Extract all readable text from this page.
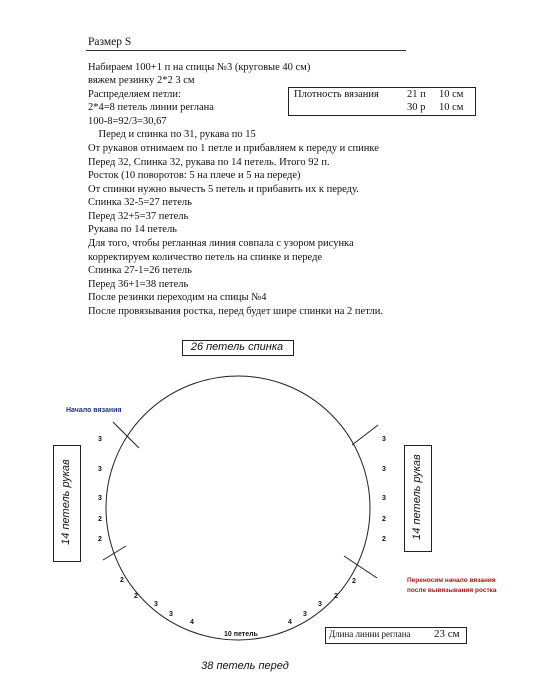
Размер S
Набираем 100+1 п на спицы №3 (круговые 40 см)
вяжем резинку 2*2 3 см
Распределяем петли:
2*4=8 петель линии реглана
100-8=92/3=30,67
Перед и спинка по 31, рукава по 15
От рукавов отнимаем по 1 петле и прибавляем к переду и спинке
Перед 32, Спинка 32, рукава по 14 петель. Итого 92 п.
Росток (10 поворотов: 5 на плече и 5 на переде)
От спинки нужно вычесть 5 петель и прибавить их к переду.
Спинка 32-5=27 петель
Перед 32+5=37 петель
Рукава по 14 петель
Для того, чтобы регланная линия совпала с узором рисунка
корректируем количество петель на спинке и переде
Спинка 27-1=26 петель
Перед 36+1=38 петель
После резинки переходим на спицы №4
После провязывания ростка, перед будет шире спинки на 2 петли.
Плотность вязания	21 п 10 см
30 р 10 см
26 петель спинка
14 петель рукав	14 петель рукав
38 петель перед
Начало вязания
Переносим начало вязания
после вывязывания ростка
3
3
3
2
2
3
3
3
2
2
2
2
3
3
4	4
3
3
2
2
10 петель	Длина линии реглана 23 см
